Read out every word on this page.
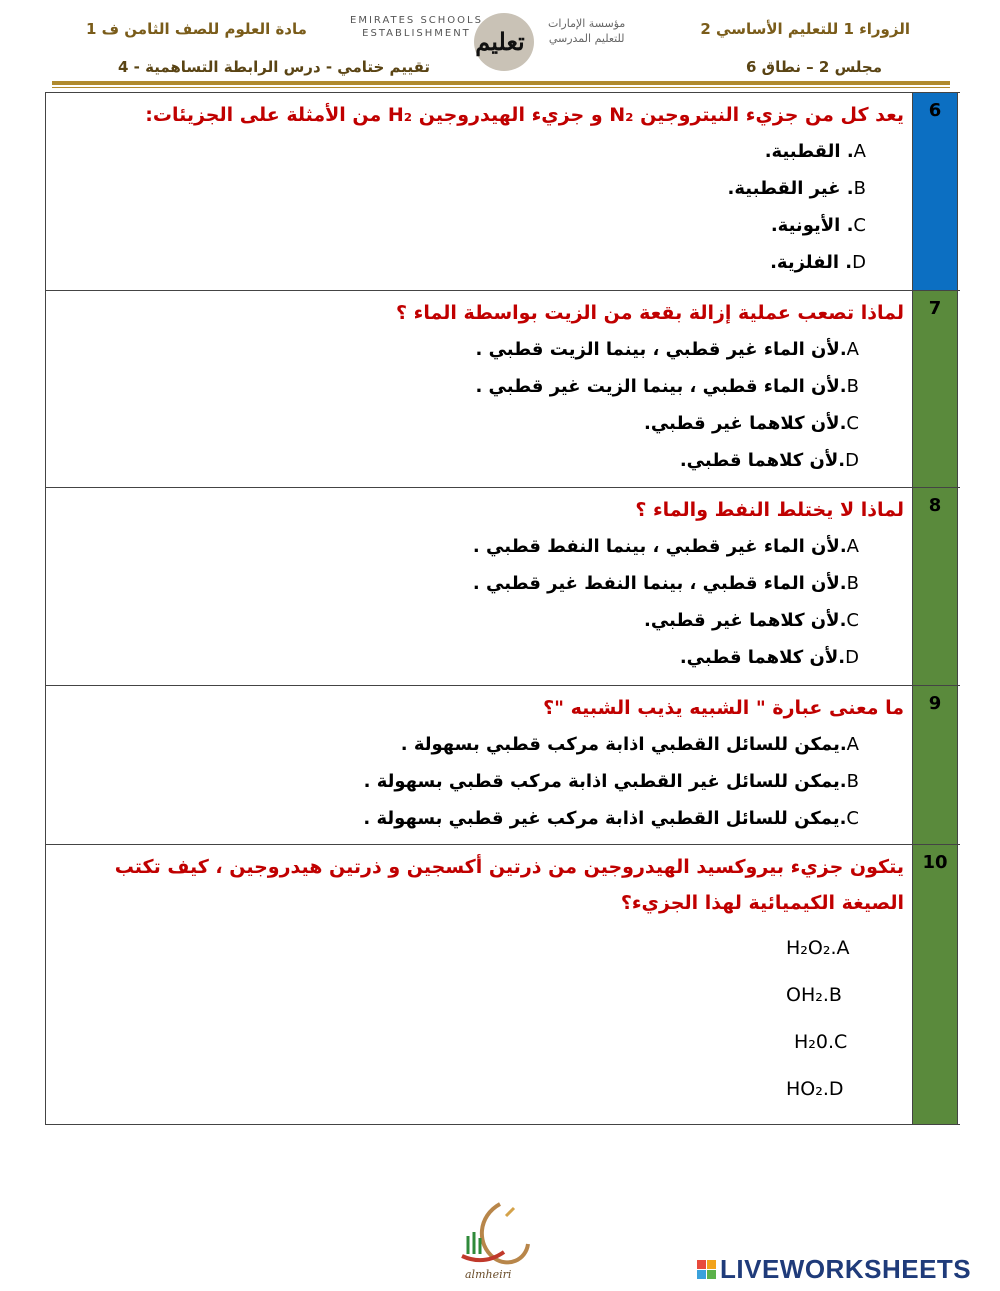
الزوراء 1 للتعليم الأساسي 2
مجلس 2 – نطاق 6
مادة العلوم للصف الثامن ف 1
تقييم ختامي - درس الرابطة التساهمية - 4
EMIRATES SCHOOLS
ESTABLISHMENT
مؤسسة الإمارات
للتعليم المدرسي
تعليم

يعد كل من جزيء النيتروجين N₂ و جزيء الهيدروجين H₂ من الأمثلة على الجزيئات:

A. القطبية.
B. غير القطبية.
C. الأيونية.
D. الفلزية.
6

لماذا تصعب عملية إزالة بقعة من الزيت بواسطة الماء ؟

A.لأن الماء غير قطبي ، بينما الزيت قطبي .
B.لأن الماء قطبي ، بينما الزيت غير قطبي .
C.لأن كلاهما غير قطبي.
D.لأن كلاهما قطبي.
7

لماذا لا يختلط النفط والماء ؟

A.لأن الماء غير قطبي ، بينما النفط قطبي .
B.لأن الماء قطبي ، بينما النفط غير قطبي .
C.لأن كلاهما غير قطبي.
D.لأن كلاهما قطبي.
8

ما معنى عبارة " الشبيه يذيب الشبيه "؟

A.يمكن للسائل القطبي اذابة مركب قطبي بسهولة .
B.يمكن للسائل غير القطبي اذابة مركب قطبي بسهولة .
C.يمكن للسائل القطبي اذابة مركب غير قطبي بسهولة .
9

يتكون جزيء بيروكسيد الهيدروجين من ذرتين أكسجين و ذرتين هيدروجين ، كيف تكتب الصيغة الكيميائية لهذا الجزيء؟

H₂O₂.A
OH₂.B
H₂0.C
HO₂.D
10
almheiri	LIVEWORKSHEETS
